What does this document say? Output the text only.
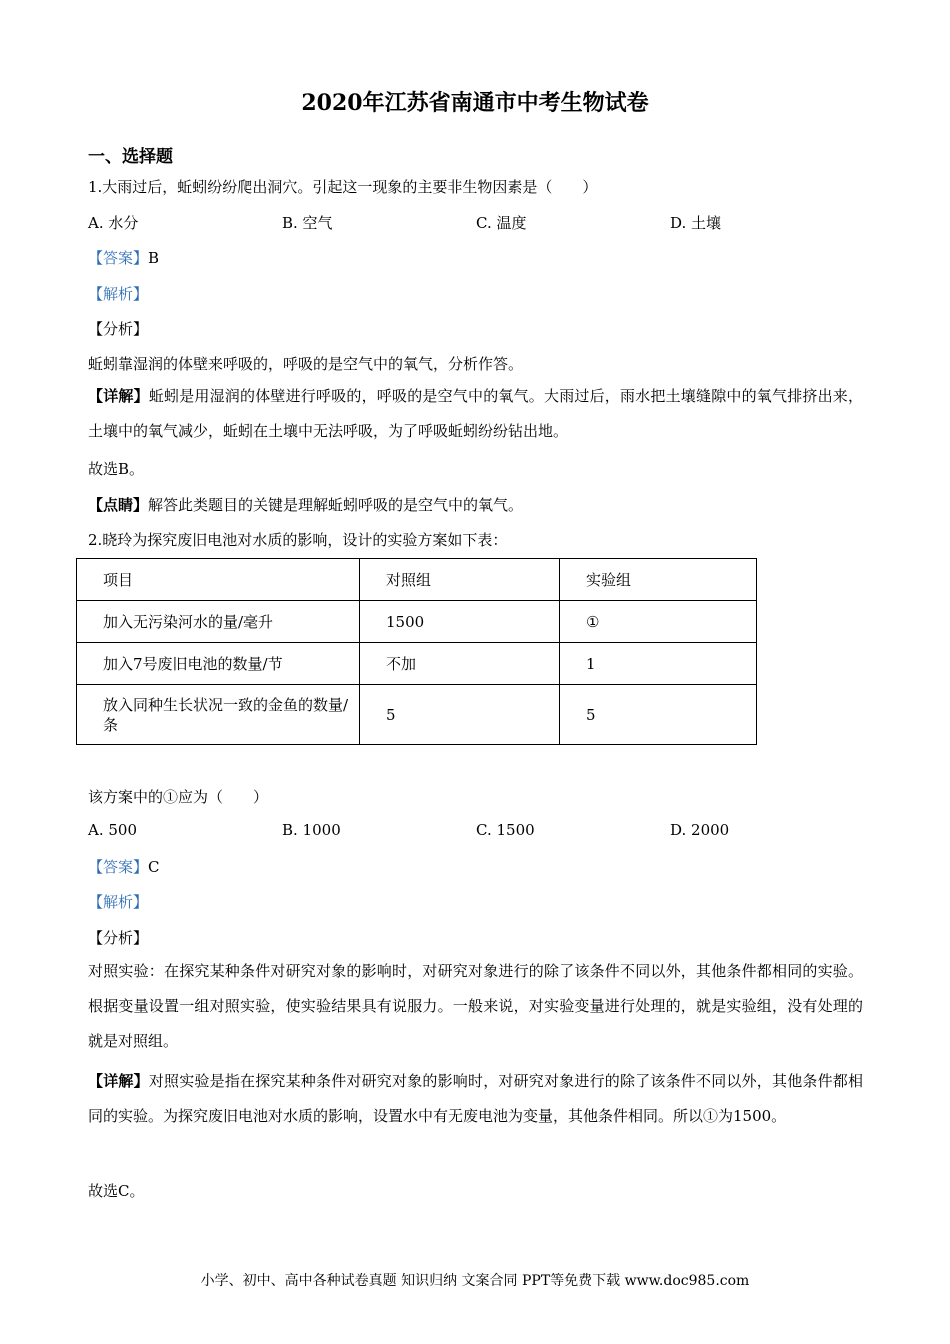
2020年江苏省南通市中考生物试卷
一、选择题
1.大雨过后，蚯蚓纷纷爬出洞穴。引起这一现象的主要非生物因素是（　　）
A. 水分	B. 空气	C. 温度	D. 土壤
【答案】B
【解析】
【分析】
蚯蚓靠湿润的体壁来呼吸的，呼吸的是空气中的氧气，分析作答。
【详解】蚯蚓是用湿润的体壁进行呼吸的，呼吸的是空气中的氧气。大雨过后，雨水把土壤缝隙中的氧气排挤出来，土壤中的氧气减少，蚯蚓在土壤中无法呼吸，为了呼吸蚯蚓纷纷钻出地。
故选B。
【点睛】解答此类题目的关键是理解蚯蚓呼吸的是空气中的氧气。
2.晓玲为探究废旧电池对水质的影响，设计的实验方案如下表：
项目	对照组	实验组
加入无污染河水的量/毫升	1500	①
加入7号废旧电池的数量/节	不加	1
放入同种生长状况一致的金鱼的数量/条	5	5
该方案中的①应为（　　）
A. 500	B. 1000	C. 1500	D. 2000
【答案】C
【解析】
【分析】
对照实验：在探究某种条件对研究对象的影响时，对研究对象进行的除了该条件不同以外，其他条件都相同的实验。根据变量设置一组对照实验，使实验结果具有说服力。一般来说，对实验变量进行处理的，就是实验组，没有处理的就是对照组。
【详解】对照实验是指在探究某种条件对研究对象的影响时，对研究对象进行的除了该条件不同以外，其他条件都相同的实验。为探究废旧电池对水质的影响，设置水中有无废电池为变量，其他条件相同。所以①为1500。
故选C。
小学、初中、高中各种试卷真题 知识归纳 文案合同 PPT等免费下载 www.doc985.com
